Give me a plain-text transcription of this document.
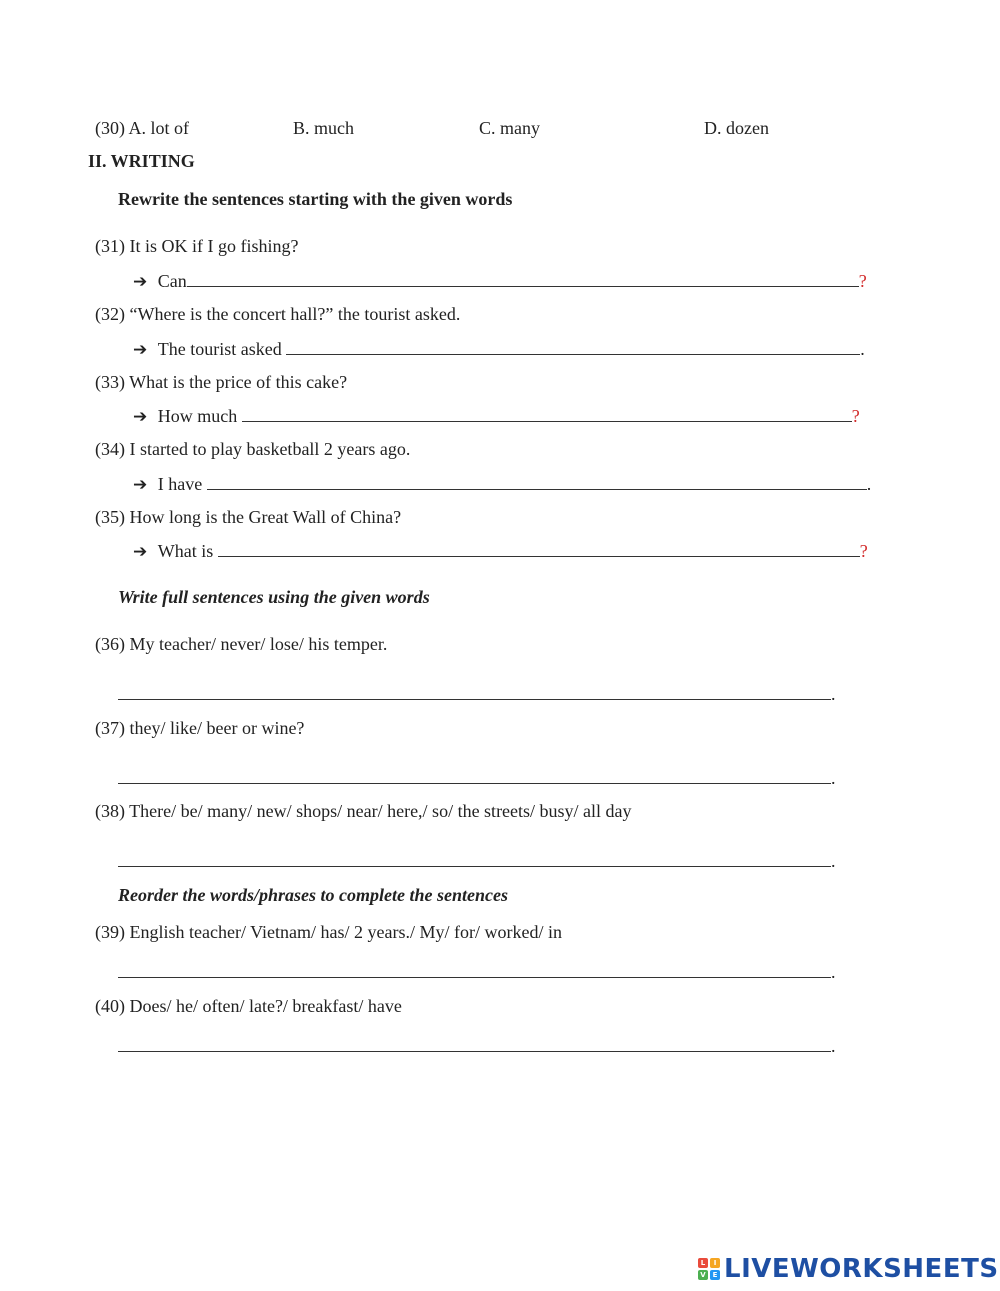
(30) A. lot of	B. much	C. many	D. dozen
II. WRITING
Rewrite the sentences starting with the given words
(31) It is OK if I go fishing?
➔ Can	?
(32) “Where is the concert hall?” the tourist asked.
➔ The tourist asked	.
(33) What is the price of this cake?
➔ How much	?
(34) I started to play basketball 2 years ago.
➔ I have	.
(35) How long is the Great Wall of China?
➔ What is	?
Write full sentences using the given words
(36) My teacher/ never/ lose/ his temper.
.
(37) they/ like/ beer or wine?
.
(38) There/ be/ many/ new/ shops/ near/ here,/ so/ the streets/ busy/ all day
.
Reorder the words/phrases to complete the sentences
(39) English teacher/ Vietnam/ has/ 2 years./ My/ for/ worked/ in
.
(40) Does/ he/ often/ late?/ breakfast/ have
.
L	I
V E LIVEWORKSHEETS
